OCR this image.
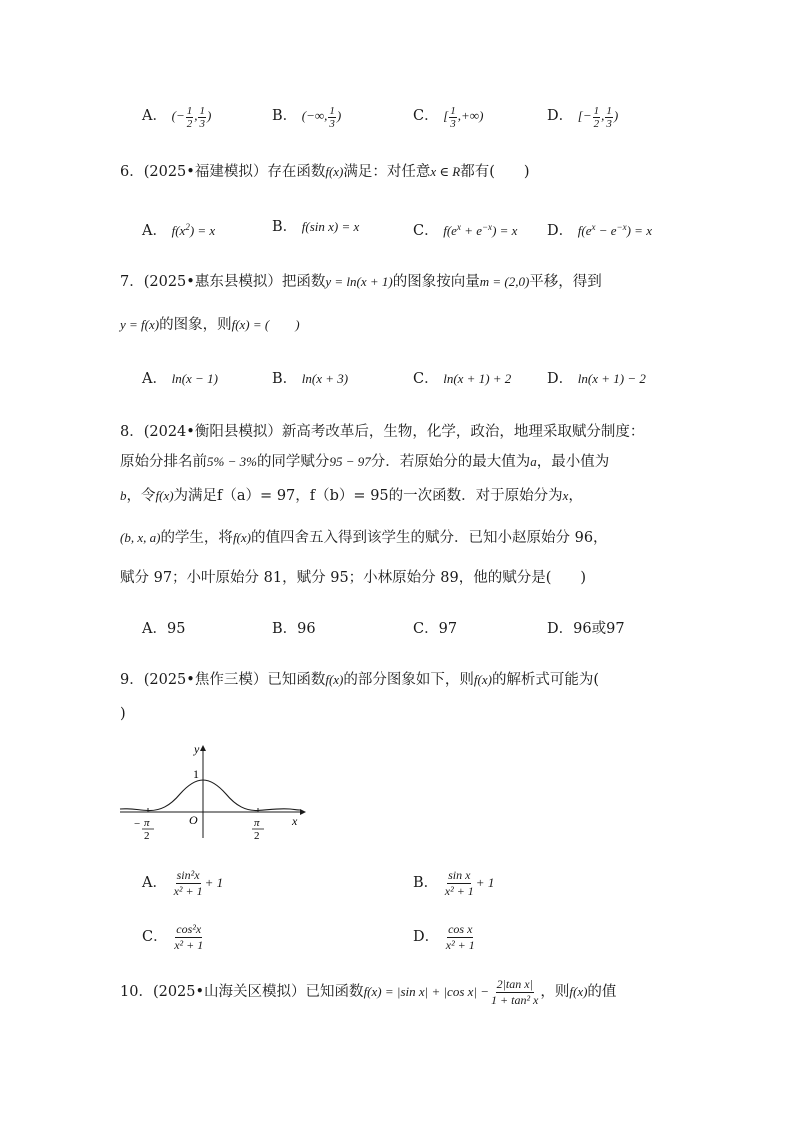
A． (− $\frac{1}{2}$ , $\frac{1}{3}$ )	B． (−∞, $\frac{1}{3}$ )	C． [ $\frac{1}{3}$ ,+∞)	D． [− $\frac{1}{2}$ , $\frac{1}{3}$ )
6．(2025•福建模拟）存在函数f(x)满足：对任意x ∈ R都有(　　)
A． $f(x^2) = x$	B． f(sin x) = x	C． $f(e^x + e^{-x}) = x$ D． $f(e^x - e^{-x}) = x$
7．(2025•惠东县模拟）把函数y = ln(x + 1)的图象按向量m = (2,0)平移，得到
y = f(x)的图象，则f(x) = (　　)
A． ln(x − 1)	B． ln(x + 3)	C． ln(x + 1) + 2 D． ln(x + 1) − 2
8．(2024•衡阳县模拟）新高考改革后，生物，化学，政治，地理采取赋分制度：
原始分排名前5% − 3%的同学赋分95 − 97分．若原始分的最大值为a，最小值为
b，令f(x)为满足f（a）= 97，f（b）= 95的一次函数．对于原始分为x，
(b, x, a)的学生，将f(x)的值四舍五入得到该学生的赋分．已知小赵原始分 96，
赋分 97；小叶原始分 81，赋分 95；小林原始分 89，他的赋分是(　　)
A．95	B．96	C．97	D．96或97
9．(2025•焦作三模）已知函数f(x)的部分图象如下，则f(x)的解析式可能为(
)
y
x
1
O
− π
2
π
2
A． $\frac{\text{sin²x}}{\text{x² + 1}} + 1$	B． $\frac{\text{sin x}}{\text{x² + 1}} + 1$
C． $\frac{\text{cos²x}}{\text{x² + 1}}$	D． $\frac{\text{cos x}}{\text{x² + 1}}$
10．(2025•山海关区模拟）已知函数f(x) = |sin x| + |cos $x| - \frac{\text{2|tan x|}}{\text{1 + tan² x}}$ ，则f(x)的值
